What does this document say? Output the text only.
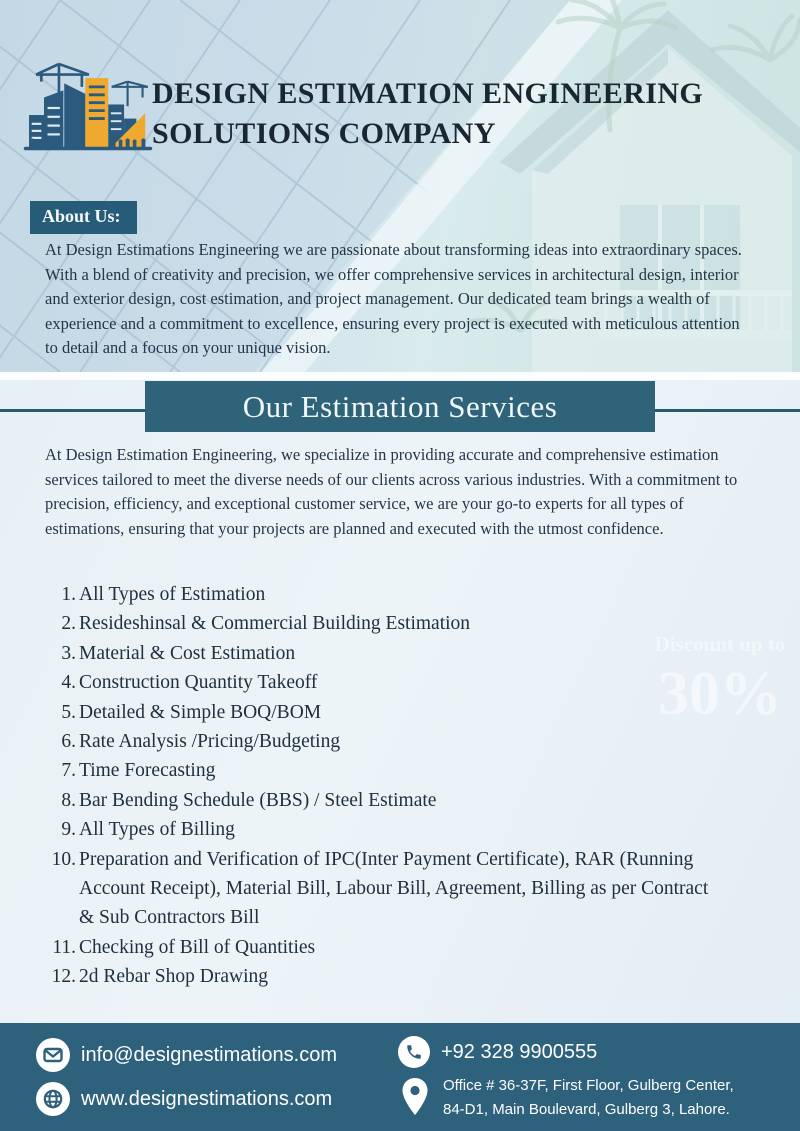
DESIGN ESTIMATION ENGINEERING
SOLUTIONS COMPANY
About Us:

At Design Estimations Engineering we are passionate about transforming ideas into extraordinary spaces. With a blend of creativity and precision, we offer comprehensive services in architectural design, interior and exterior design, cost estimation, and project management. Our dedicated team brings a wealth of experience and a commitment to excellence, ensuring every project is executed with meticulous attention to detail and a focus on your unique vision.

Our Estimation Services

At Design Estimation Engineering, we specialize in providing accurate and comprehensive estimation services tailored to meet the diverse needs of our clients across various industries. With a commitment to precision, efficiency, and exceptional customer service, we are your go-to experts for all types of estimations, ensuring that your projects are planned and executed with the utmost confidence.

All Types of Estimation
Resideshinsal & Commercial Building Estimation
Material & Cost Estimation
Construction Quantity Takeoff
Detailed & Simple BOQ/BOM
Rate Analysis /Pricing/Budgeting
Time Forecasting
Bar Bending Schedule (BBS) / Steel Estimate
All Types of Billing
Preparation and Verification of IPC(Inter Payment Certificate), RAR (Running Account Receipt), Material Bill, Labour Bill, Agreement, Billing as per Contract & Sub Contractors Bill
Checking of Bill of Quantities
2d Rebar Shop Drawing
Discount up to
30%
info@designestimations.com
www.designestimations.com
+92 328 9900555
Office # 36-37F, First Floor, Gulberg Center,
84-D1, Main Boulevard, Gulberg 3, Lahore.
